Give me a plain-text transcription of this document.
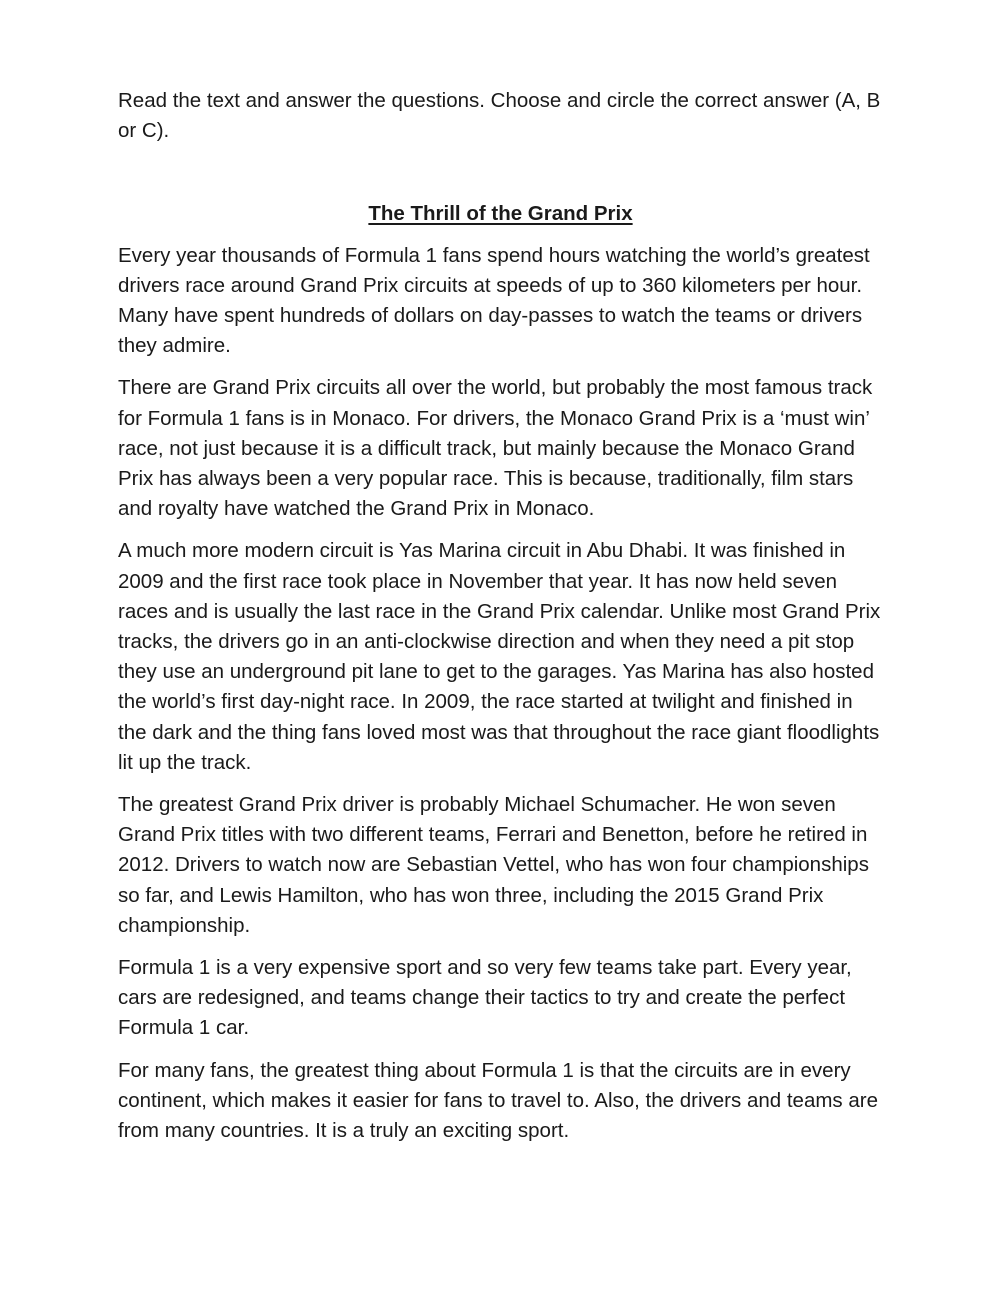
Read the text and answer the questions. Choose and circle the correct answer (A, B or C).

The Thrill of the Grand Prix

Every year thousands of Formula 1 fans spend hours watching the world’s greatest drivers race around Grand Prix circuits at speeds of up to 360 kilometers per hour. Many have spent hundreds of dollars on day-passes to watch the teams or drivers they admire.

There are Grand Prix circuits all over the world, but probably the most famous track for Formula 1 fans is in Monaco. For drivers, the Monaco Grand Prix is a ‘must win’ race, not just because it is a difficult track, but mainly because the Monaco Grand Prix has always been a very popular race. This is because, traditionally, film stars and royalty have watched the Grand Prix in Monaco.

A much more modern circuit is Yas Marina circuit in Abu Dhabi. It was finished in 2009 and the first race took place in November that year. It has now held seven races and is usually the last race in the Grand Prix calendar. Unlike most Grand Prix tracks, the drivers go in an anti-clockwise direction and when they need a pit stop they use an underground pit lane to get to the garages. Yas Marina has also hosted the world’s first day-night race. In 2009, the race started at twilight and finished in the dark and the thing fans loved most was that throughout the race giant floodlights lit up the track.

The greatest Grand Prix driver is probably Michael Schumacher. He won seven Grand Prix titles with two different teams, Ferrari and Benetton, before he retired in 2012. Drivers to watch now are Sebastian Vettel, who has won four championships so far, and Lewis Hamilton, who has won three, including the 2015 Grand Prix championship.

Formula 1 is a very expensive sport and so very few teams take part. Every year, cars are redesigned, and teams change their tactics to try and create the perfect Formula 1 car.

For many fans, the greatest thing about Formula 1 is that the circuits are in every continent, which makes it easier for fans to travel to. Also, the drivers and teams are from many countries. It is a truly an exciting sport.
